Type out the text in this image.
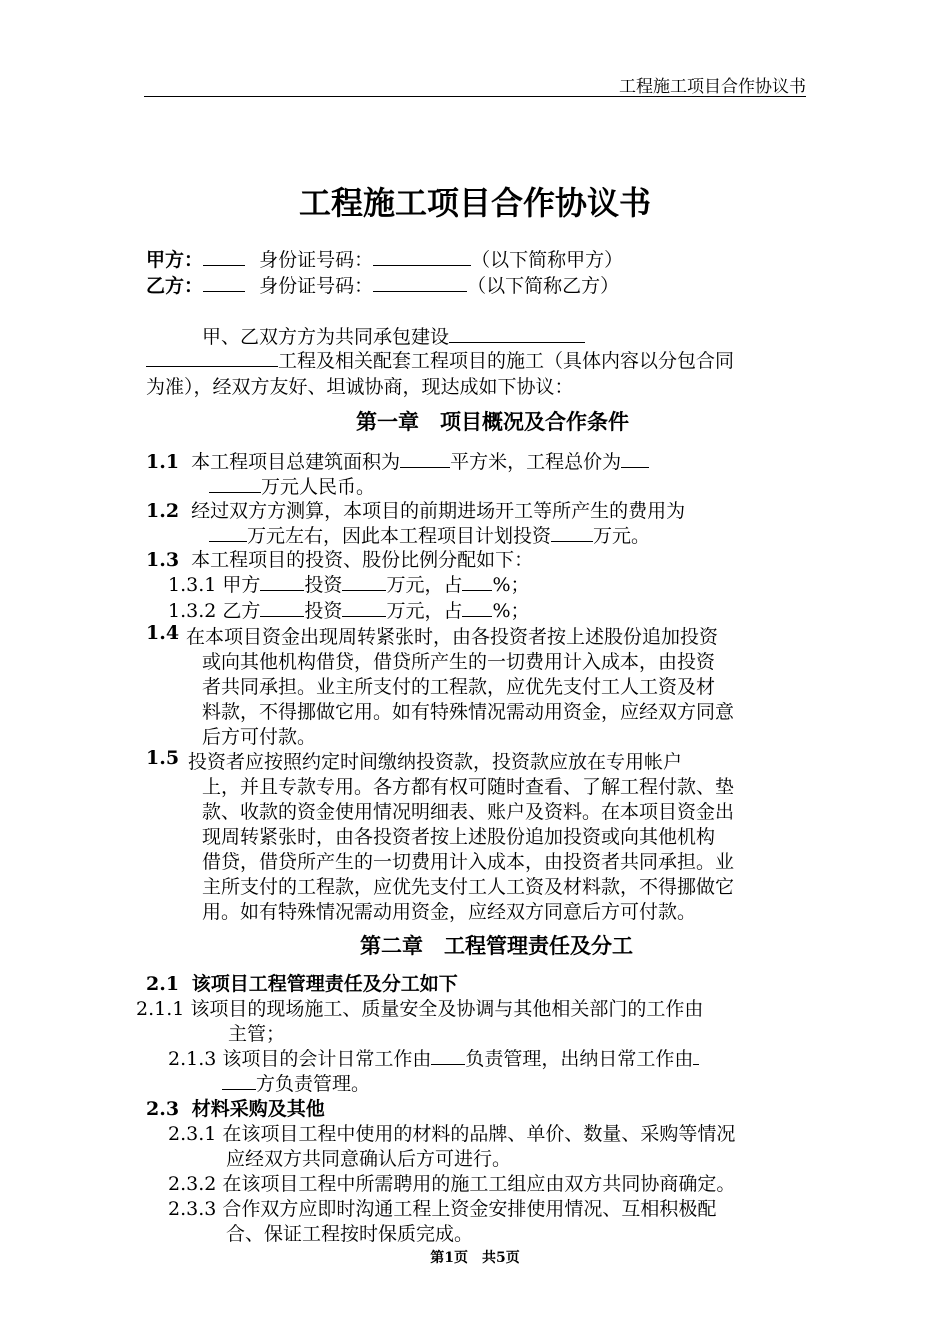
工程施工项目合作协议书
工程施工项目合作协议书
甲方：	身份证号码：	（以下简称甲方）
乙方：	身份证号码：	（以下简称乙方）
甲、乙双方方为共同承包建设
工程及相关配套工程项目的施工（具体内容以分包合同
为准），经双方友好、坦诚协商，现达成如下协议：
第一章　项目概况及合作条件
1.1 本工程项目总建筑面积为	平方米，工程总价为
万元人民币。
1.2 经过双方方测算，本项目的前期进场开工等所产生的费用为
万元左右，因此本工程项目计划投资 万元。
1.3 本工程项目的投资、股份比例分配如下：
1.3.1 甲方 投资 万元，占 %；
1.3.2 乙方 投资 万元，占 %；
1.4 在本项目资金出现周转紧张时，由各投资者按上述股份追加投资
或向其他机构借贷，借贷所产生的一切费用计入成本，由投资
者共同承担。业主所支付的工程款，应优先支付工人工资及材
料款，不得挪做它用。如有特殊情况需动用资金，应经双方同意
后方可付款。
1.5 投资者应按照约定时间缴纳投资款，投资款应放在专用帐户
上，并且专款专用。各方都有权可随时查看、了解工程付款、垫
款、收款的资金使用情况明细表、账户及资料。在本项目资金出
现周转紧张时，由各投资者按上述股份追加投资或向其他机构
借贷，借贷所产生的一切费用计入成本，由投资者共同承担。业
主所支付的工程款，应优先支付工人工资及材料款，不得挪做它
用。如有特殊情况需动用资金，应经双方同意后方可付款。
第二章　工程管理责任及分工
2.1 该项目工程管理责任及分工如下
2.1.1 该项目的现场施工、质量安全及协调与其他相关部门的工作由
主管；
2.1.3 该项目的会计日常工作由 负责管理，出纳日常工作由
方负责管理。
2.3 材料采购及其他
2.3.1 在该项目工程中使用的材料的品牌、单价、数量、采购等情况
应经双方共同意确认后方可进行。
2.3.2 在该项目工程中所需聘用的施工工组应由双方共同协商确定。
2.3.3 合作双方应即时沟通工程上资金安排使用情况、互相积极配
合、保证工程按时保质完成。
第1页　共5页
